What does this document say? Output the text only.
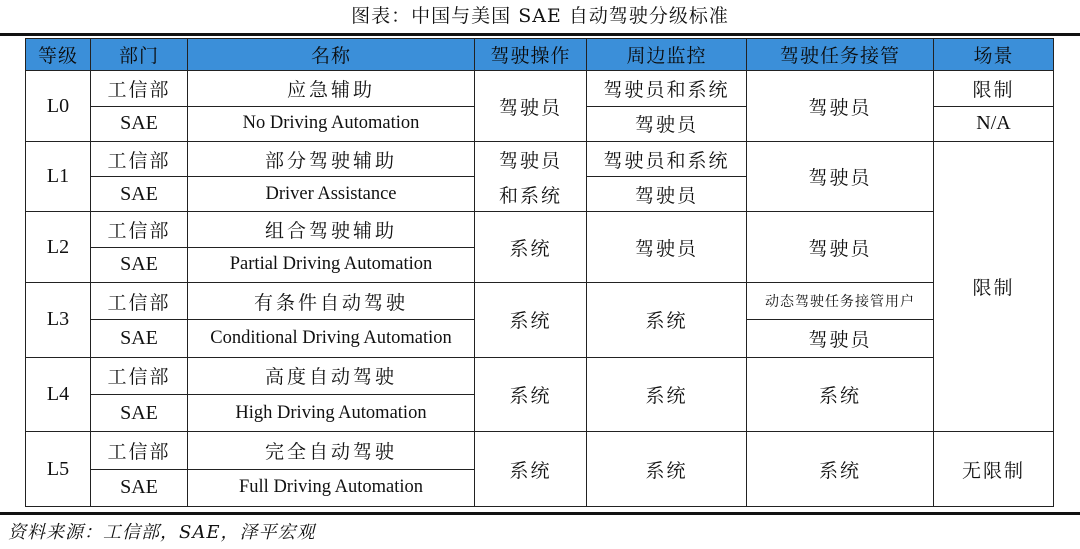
图表：中国与美国 SAE 自动驾驶分级标准
等级	部门	名称	驾驶操作	周边监控	驾驶任务接管	场景
L0	工信部	应急辅助	驾驶员	驾驶员和系统	驾驶员	限制
	SAE	No Driving Automation		驾驶员		N/A
L1	工信部	部分驾驶辅助	驾驶员	驾驶员和系统	驾驶员	限制
	SAE	Driver Assistance	和系统	驾驶员		
L2	工信部	组合驾驶辅助	系统	驾驶员	驾驶员	
	SAE	Partial Driving Automation				
L3	工信部	有条件自动驾驶	系统	系统	动态驾驶任务接管用户	
	SAE	Conditional Driving Automation			驾驶员	
L4	工信部	高度自动驾驶	系统	系统	系统	
	SAE	High Driving Automation				
L5	工信部	完全自动驾驶	系统	系统	系统	无限制
	SAE	Full Driving Automation				
资料来源：工信部，SAE，泽平宏观
